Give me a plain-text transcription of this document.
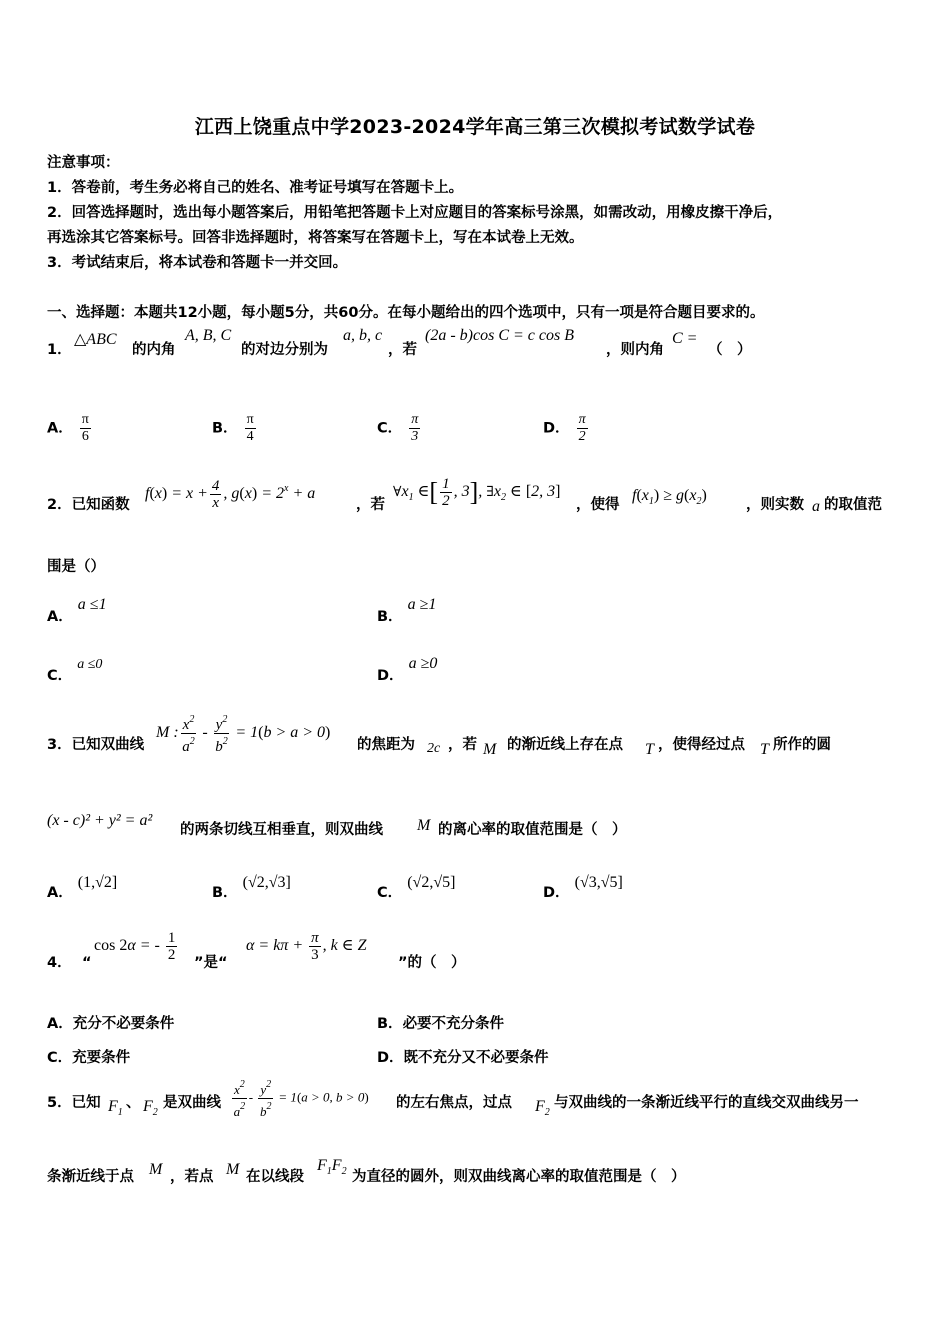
江西上饶重点中学2023-2024学年高三第三次模拟考试数学试卷
注意事项：
1．答卷前，考生务必将自己的姓名、准考证号填写在答题卡上。
2．回答选择题时，选出每小题答案后，用铅笔把答题卡上对应题目的答案标号涂黑，如需改动，用橡皮擦干净后，
再选涂其它答案标号。回答非选择题时，将答案写在答题卡上，写在本试卷上无效。
3．考试结束后，将本试卷和答题卡一并交回。
一、选择题：本题共12小题，每小题5分，共60分。在每小题给出的四个选项中，只有一项是符合题目要求的。
1．
△ABC
的内角
A, B, C
的对边分别为
a, b, c
，若
(2a - b)cos C = c cos B
，则内角
C =
（　）
A． $\frac{\pi}{6}$	B． $\frac{\pi}{4}$	C． $\frac{\pi}{3}$	D． $\frac{\pi}{2}$
2．已知函数
$f(x) = x + \frac{4}{x}$ , $g(x) = 2^x + a$
，若
$\forall x_1$ ∈[ $\frac{1}{2}$ , 3], $\exists x_2$ ∈ [2, 3]
，使得
$f(x_1) \ge g(x_2)$
，则实数 a 的取值范
围是（）
A． a ≤1
B． a ≥1
C． a ≤0
D． a ≥0
3．已知双曲线
M : $\frac{x^2}{a^2} - \frac{y^2}{b^2} = 1(b > a > 0)$
的焦距为 2c ，若 M 的渐近线上存在点 T ，使得经过点 T 所作的圆
(x - c)² + y² = a²
的两条切线互相垂直，则双曲线 M 的离心率的取值范围是（　）
A． (1,√2]
B． (√2,√3]
C． (√2,√5]
D． (√3,√5]
4． “
cos 2α = - $\frac{1}{2}$ ”是“
$\alpha = k\pi + \frac{\pi}{3}$ , k ∈ Z
”的（　）
A．充分不必要条件	B．必要不充分条件
C．充要条件	D．既不充分又不必要条件
5．已知 $F_1$
、 $F_2$
是双曲线 $\frac{x^2}{a^2} - \frac{y^2}{b^2} = 1(a > 0$, b > 0) 的左右焦点，过点 $F_2$
与双曲线的一条渐近线平行的直线交双曲线另一
条渐近线于点 M ，若点 M 在以线段
$F_1F_2$ 为直径的圆外，则双曲线离心率的取值范围是（　）
